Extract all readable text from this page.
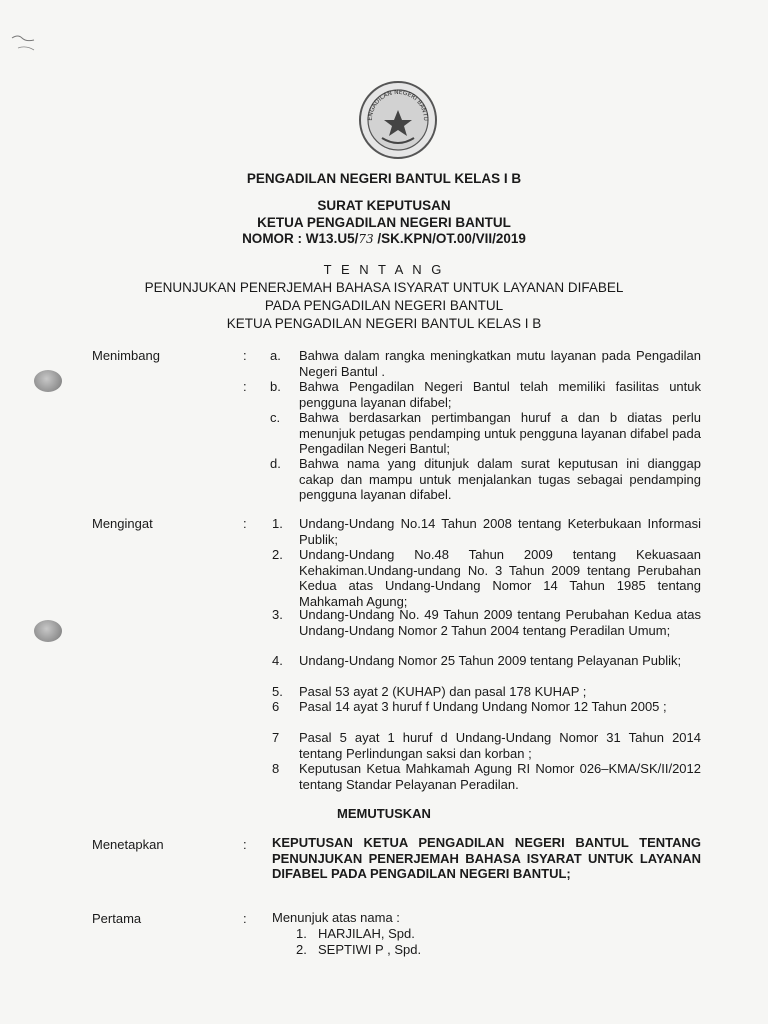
ENGADILAN NEGERI BANTU
PENGADILAN NEGERI BANTUL KELAS I B
SURAT KEPUTUSAN
KETUA PENGADILAN NEGERI BANTUL
NOMOR : W13.U5/73 /SK.KPN/OT.00/VII/2019
T E N T A N G
PENUNJUKAN PENERJEMAH BAHASA ISYARAT UNTUK LAYANAN DIFABEL
PADA PENGADILAN NEGERI BANTUL
KETUA PENGADILAN NEGERI BANTUL KELAS I B
Menimbang	: a. Bahwa dalam rangka meningkatkan mutu layanan pada Pengadilan Negeri Bantul .
: b. Bahwa Pengadilan Negeri Bantul telah memiliki fasilitas untuk pengguna layanan difabel;
c. Bahwa berdasarkan pertimbangan huruf a dan b diatas perlu menunjuk petugas pendamping untuk pengguna layanan difabel pada Pengadilan Negeri Bantul;
d. Bahwa nama yang ditunjuk dalam surat keputusan ini dianggap cakap dan mampu untuk menjalankan tugas sebagai pendamping pengguna layanan difabel.
Mengingat	: 1. Undang-Undang No.14 Tahun 2008 tentang Keterbukaan Informasi Publik;
2. Undang-Undang No.48 Tahun 2009 tentang Kekuasaan Kehakiman.Undang-undang No. 3 Tahun 2009 tentang Perubahan Kedua atas Undang-Undang Nomor 14 Tahun 1985 tentang Mahkamah Agung;
3. Undang-Undang No. 49 Tahun 2009 tentang Perubahan Kedua atas Undang-Undang Nomor 2 Tahun 2004 tentang Peradilan Umum;
4. Undang-Undang Nomor 25 Tahun 2009 tentang Pelayanan Publik;
5. Pasal 53 ayat 2 (KUHAP) dan pasal 178 KUHAP ;
6 Pasal 14 ayat 3 huruf f Undang Undang Nomor 12 Tahun 2005 ;
7 Pasal 5 ayat 1 huruf d Undang-Undang Nomor 31 Tahun 2014 tentang Perlindungan saksi dan korban ;
8 Keputusan Ketua Mahkamah Agung RI Nomor 026–KMA/SK/II/2012 tentang Standar Pelayanan Peradilan.
MEMUTUSKAN
Menetapkan	: KEPUTUSAN KETUA PENGADILAN NEGERI BANTUL TENTANG PENUNJUKAN PENERJEMAH BAHASA ISYARAT UNTUK LAYANAN DIFABEL PADA PENGADILAN NEGERI BANTUL;
Pertama	: Menunjuk atas nama :
1. HARJILAH, Spd.
2. SEPTIWI P , Spd.
